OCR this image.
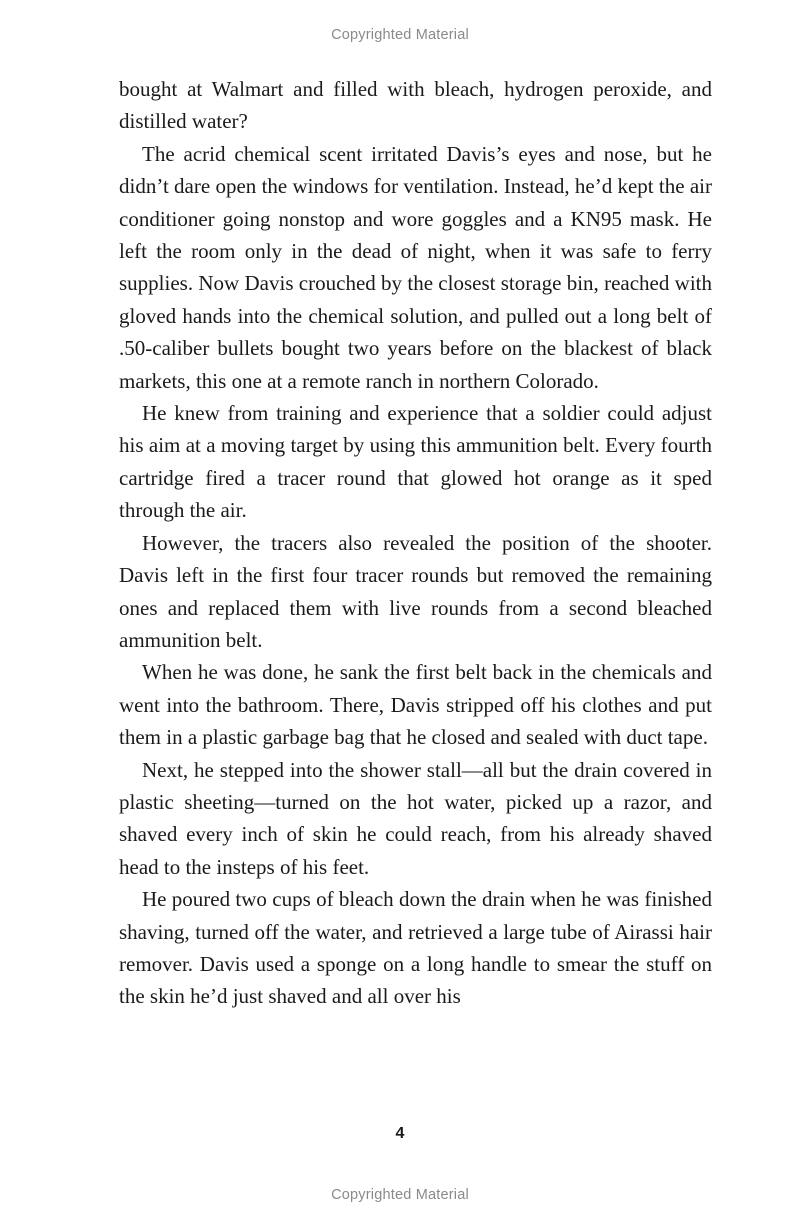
Copyrighted Material

bought at Walmart and filled with bleach, hydrogen peroxide, and distilled water?

The acrid chemical scent irritated Davis’s eyes and nose, but he didn’t dare open the windows for ventilation. Instead, he’d kept the air conditioner going nonstop and wore goggles and a KN95 mask. He left the room only in the dead of night, when it was safe to ferry supplies. Now Davis crouched by the closest storage bin, reached with gloved hands into the chemical solution, and pulled out a long belt of .50-caliber bullets bought two years before on the blackest of black markets, this one at a remote ranch in northern Colorado.

He knew from training and experience that a soldier could adjust his aim at a moving target by using this ammunition belt. Every fourth cartridge fired a tracer round that glowed hot orange as it sped through the air.

However, the tracers also revealed the position of the shooter. Davis left in the first four tracer rounds but removed the remaining ones and replaced them with live rounds from a second bleached ammunition belt.

When he was done, he sank the first belt back in the chemicals and went into the bathroom. There, Davis stripped off his clothes and put them in a plastic garbage bag that he closed and sealed with duct tape.

Next, he stepped into the shower stall—all but the drain covered in plastic sheeting—turned on the hot water, picked up a razor, and shaved every inch of skin he could reach, from his already shaved head to the insteps of his feet.

He poured two cups of bleach down the drain when he was finished shaving, turned off the water, and retrieved a large tube of Airassi hair remover. Davis used a sponge on a long handle to smear the stuff on the skin he’d just shaved and all over his

4
Copyrighted Material
